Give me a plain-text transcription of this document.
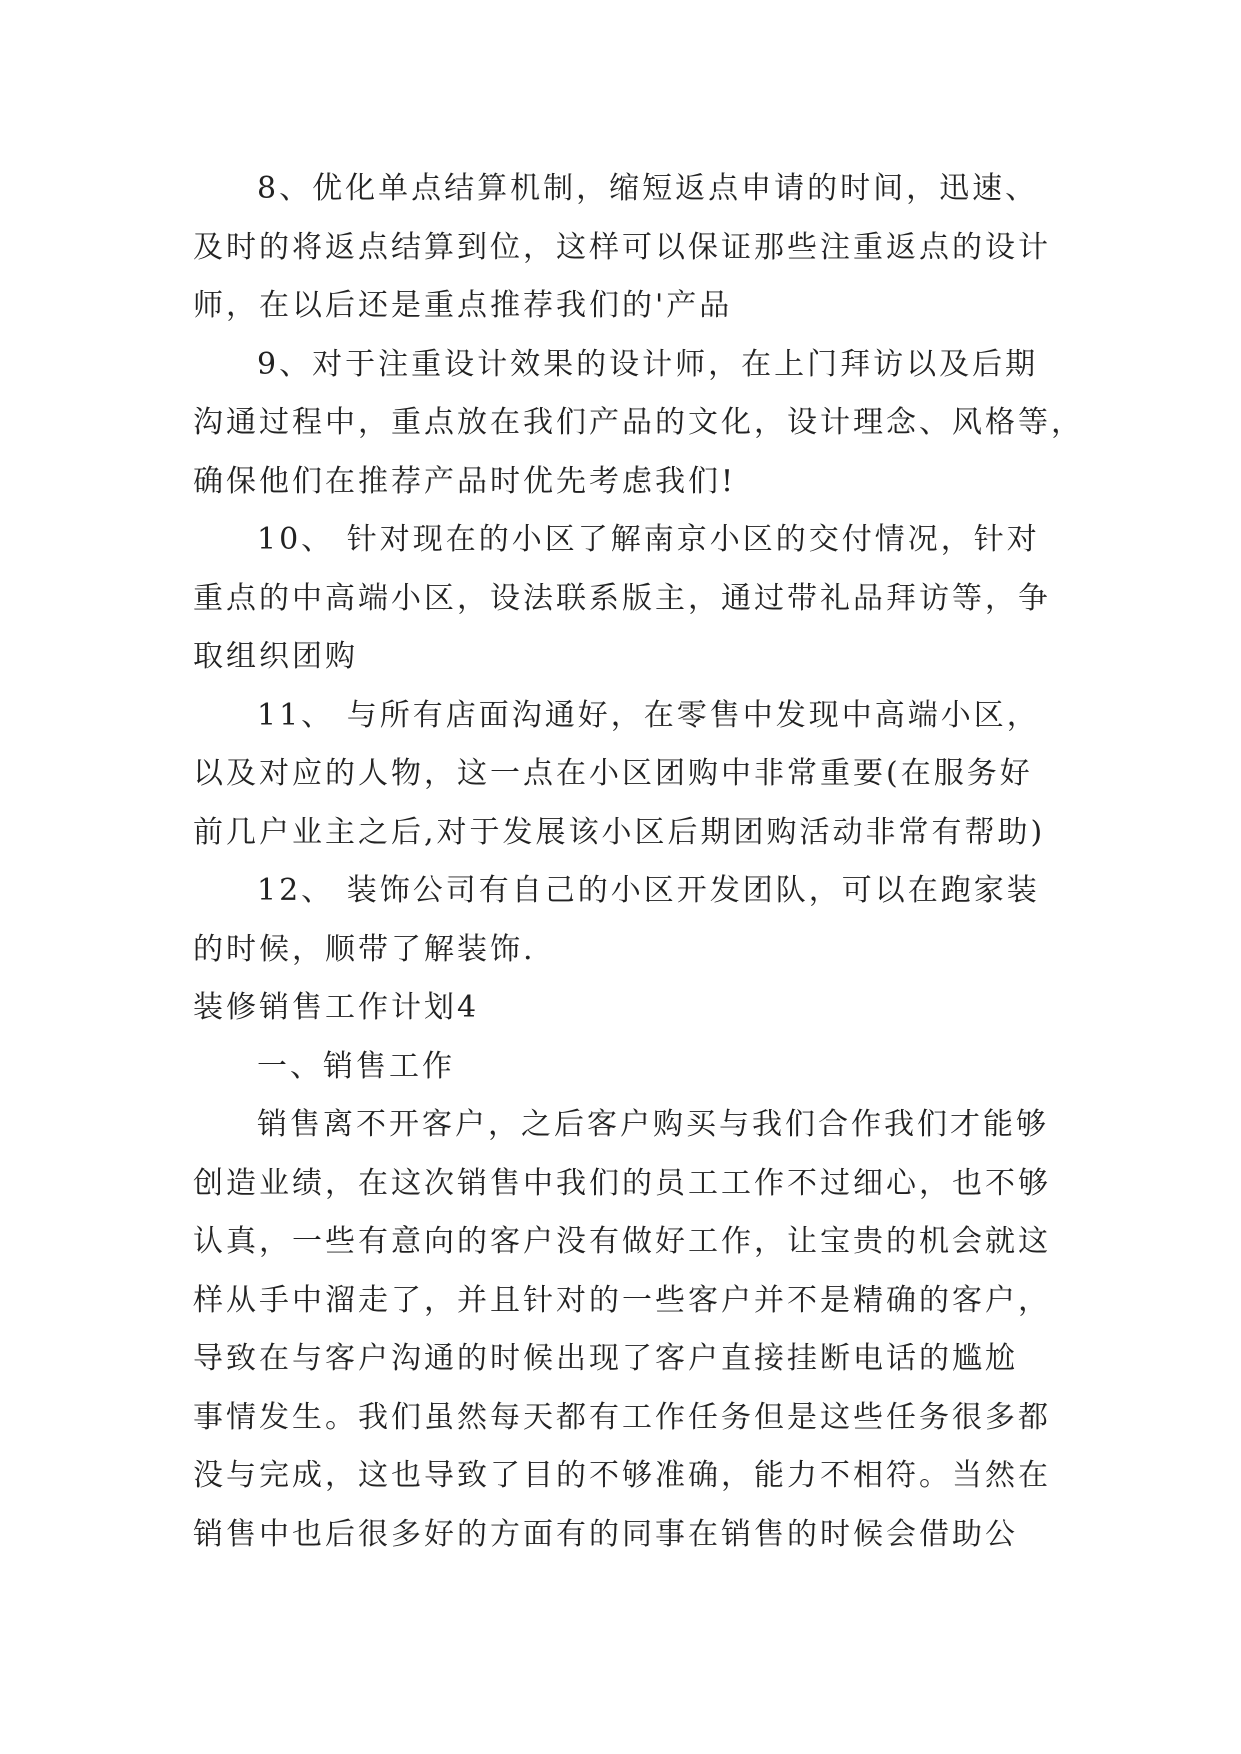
8、优化单点结算机制，缩短返点申请的时间，迅速、
及时的将返点结算到位，这样可以保证那些注重返点的设计
师，在以后还是重点推荐我们的'产品
9、对于注重设计效果的设计师，在上门拜访以及后期
沟通过程中，重点放在我们产品的文化，设计理念、风格等，
确保他们在推荐产品时优先考虑我们!
10、 针对现在的小区了解南京小区的交付情况，针对
重点的中高端小区，设法联系版主，通过带礼品拜访等，争
取组织团购
11、 与所有店面沟通好，在零售中发现中高端小区，
以及对应的人物，这一点在小区团购中非常重要(在服务好
前几户业主之后,对于发展该小区后期团购活动非常有帮助)
12、 装饰公司有自己的小区开发团队，可以在跑家装
的时候，顺带了解装饰.
装修销售工作计划4
一、销售工作
销售离不开客户，之后客户购买与我们合作我们才能够
创造业绩，在这次销售中我们的员工工作不过细心，也不够
认真，一些有意向的客户没有做好工作，让宝贵的机会就这
样从手中溜走了，并且针对的一些客户并不是精确的客户，
导致在与客户沟通的时候出现了客户直接挂断电话的尴尬
事情发生。我们虽然每天都有工作任务但是这些任务很多都
没与完成，这也导致了目的不够准确，能力不相符。当然在
销售中也后很多好的方面有的同事在销售的时候会借助公
